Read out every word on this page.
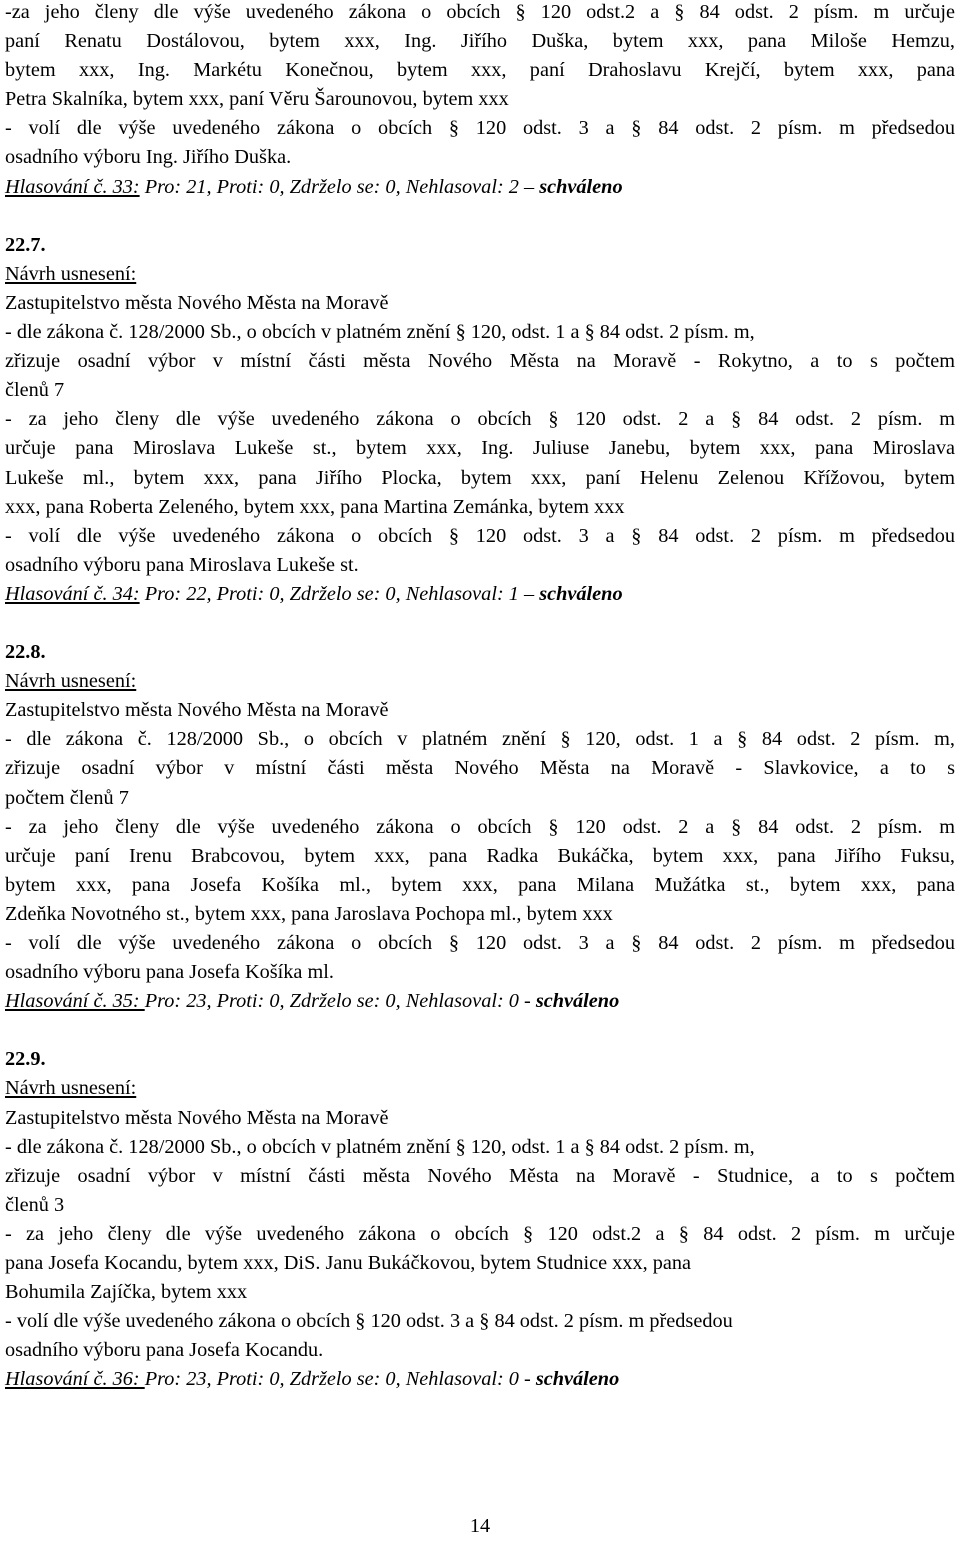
-za jeho členy dle výše uvedeného zákona o obcích § 120 odst.2 a § 84 odst. 2 písm. m určuje
paní Renatu Dostálovou, bytem xxx, Ing. Jiřího Duška, bytem xxx, pana Miloše Hemzu,
bytem xxx, Ing. Markétu Konečnou, bytem xxx, paní Drahoslavu Krejčí, bytem xxx, pana
Petra Skalníka, bytem xxx, paní Věru Šarounovou, bytem xxx
- volí dle výše uvedeného zákona o obcích § 120 odst. 3 a § 84 odst. 2 písm. m předsedou
osadního výboru Ing. Jiřího Duška.
Hlasování č. 33: Pro: 21, Proti: 0, Zdrželo se: 0, Nehlasoval: 2 – schváleno
22.7.
Návrh usnesení:
Zastupitelstvo města Nového Města na Moravě
- dle zákona č. 128/2000 Sb., o obcích v platném znění § 120, odst. 1 a § 84 odst. 2 písm. m,
zřizuje osadní výbor v místní části města Nového Města na Moravě - Rokytno, a to s počtem
členů 7
- za jeho členy dle výše uvedeného zákona o obcích § 120 odst. 2 a § 84 odst. 2 písm. m
určuje pana Miroslava Lukeše st., bytem xxx, Ing. Juliuse Janebu, bytem xxx, pana Miroslava
Lukeše ml., bytem xxx, pana Jiřího Plocka, bytem xxx, paní Helenu Zelenou Křížovou, bytem
xxx, pana Roberta Zeleného, bytem xxx, pana Martina Zemánka, bytem xxx
- volí dle výše uvedeného zákona o obcích § 120 odst. 3 a § 84 odst. 2 písm. m předsedou
osadního výboru pana Miroslava Lukeše st.
Hlasování č. 34: Pro: 22, Proti: 0, Zdrželo se: 0, Nehlasoval: 1 – schváleno
22.8.
Návrh usnesení:
Zastupitelstvo města Nového Města na Moravě
- dle zákona č. 128/2000 Sb., o obcích v platném znění § 120, odst. 1 a § 84 odst. 2 písm. m,
zřizuje osadní výbor v místní části města Nového Města na Moravě - Slavkovice, a to s
počtem členů 7
- za jeho členy dle výše uvedeného zákona o obcích § 120 odst. 2 a § 84 odst. 2 písm. m
určuje paní Irenu Brabcovou, bytem xxx, pana Radka Bukáčka, bytem xxx, pana Jiřího Fuksu,
bytem xxx, pana Josefa Košíka ml., bytem xxx, pana Milana Mužátka st., bytem xxx, pana
Zdeňka Novotného st., bytem xxx, pana Jaroslava Pochopa ml., bytem xxx
- volí dle výše uvedeného zákona o obcích § 120 odst. 3 a § 84 odst. 2 písm. m předsedou
osadního výboru pana Josefa Košíka ml.
Hlasování č. 35: Pro: 23, Proti: 0, Zdrželo se: 0, Nehlasoval: 0 - schváleno
22.9.
Návrh usnesení:
Zastupitelstvo města Nového Města na Moravě
- dle zákona č. 128/2000 Sb., o obcích v platném znění § 120, odst. 1 a § 84 odst. 2 písm. m,
zřizuje osadní výbor v místní části města Nového Města na Moravě - Studnice, a to s počtem
členů 3
- za jeho členy dle výše uvedeného zákona o obcích § 120 odst.2 a § 84 odst. 2 písm. m určuje
pana Josefa Kocandu, bytem xxx, DiS. Janu Bukáčkovou, bytem Studnice xxx, pana
Bohumila Zajíčka, bytem xxx
- volí dle výše uvedeného zákona o obcích § 120 odst. 3 a § 84 odst. 2 písm. m předsedou
osadního výboru pana Josefa Kocandu.
Hlasování č. 36: Pro: 23, Proti: 0, Zdrželo se: 0, Nehlasoval: 0 - schváleno
14
